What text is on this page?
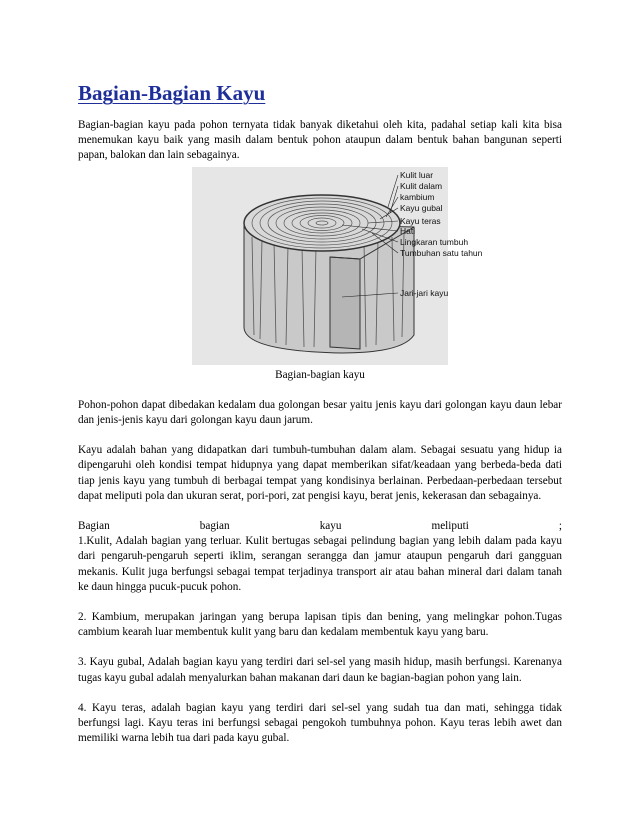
Bagian-Bagian Kayu

Bagian-bagian kayu pada pohon ternyata tidak banyak diketahui oleh kita, padahal setiap kali kita bisa menemukan kayu baik yang masih dalam bentuk pohon ataupun dalam bentuk bahan bangunan seperti papan, balokan dan lain sebagainya.

Kulit luar
Kulit dalam
kambium
Kayu gubal
Kayu teras
Hati
Lingkaran tumbuh
Tumbuhan satu tahun
Jari-jari kayu
Bagian-bagian kayu

Pohon-pohon dapat dibedakan kedalam dua golongan besar yaitu jenis kayu dari golongan kayu daun lebar dan jenis-jenis kayu dari golongan kayu daun jarum.

Kayu adalah bahan yang didapatkan dari tumbuh-tumbuhan dalam alam. Sebagai sesuatu yang hidup ia dipengaruhi oleh kondisi tempat hidupnya yang dapat memberikan sifat/keadaan yang berbeda-beda dati tiap jenis kayu yang tumbuh di berbagai tempat yang kondisinya berlainan. Perbedaan-perbedaan tersebut dapat meliputi pola dan ukuran serat, pori-pori, zat pengisi kayu, berat jenis, kekerasan dan sebagainya.

Bagian	bagian	kayu	meliputi	;

1.Kulit, Adalah bagian yang terluar. Kulit bertugas sebagai pelindung bagian yang lebih dalam pada kayu dari pengaruh-pengaruh seperti iklim, serangan serangga dan jamur ataupun pengaruh dari gangguan mekanis. Kulit juga berfungsi sebagai tempat terjadinya transport air atau bahan mineral dari dalam tanah ke daun hingga pucuk-pucuk pohon.

2. Kambium, merupakan jaringan yang berupa lapisan tipis dan bening, yang melingkar pohon.Tugas cambium kearah luar membentuk kulit yang baru dan kedalam membentuk kayu yang baru.

3. Kayu gubal, Adalah bagian kayu yang terdiri dari sel-sel yang masih hidup, masih berfungsi. Karenanya tugas kayu gubal adalah menyalurkan bahan makanan dari daun ke bagian-bagian pohon yang lain.

4. Kayu teras, adalah bagian kayu yang terdiri dari sel-sel yang sudah tua dan mati, sehingga tidak berfungsi lagi. Kayu teras ini berfungsi sebagai pengokoh tumbuhnya pohon. Kayu teras lebih awet dan memiliki warna lebih tua dari pada kayu gubal.
